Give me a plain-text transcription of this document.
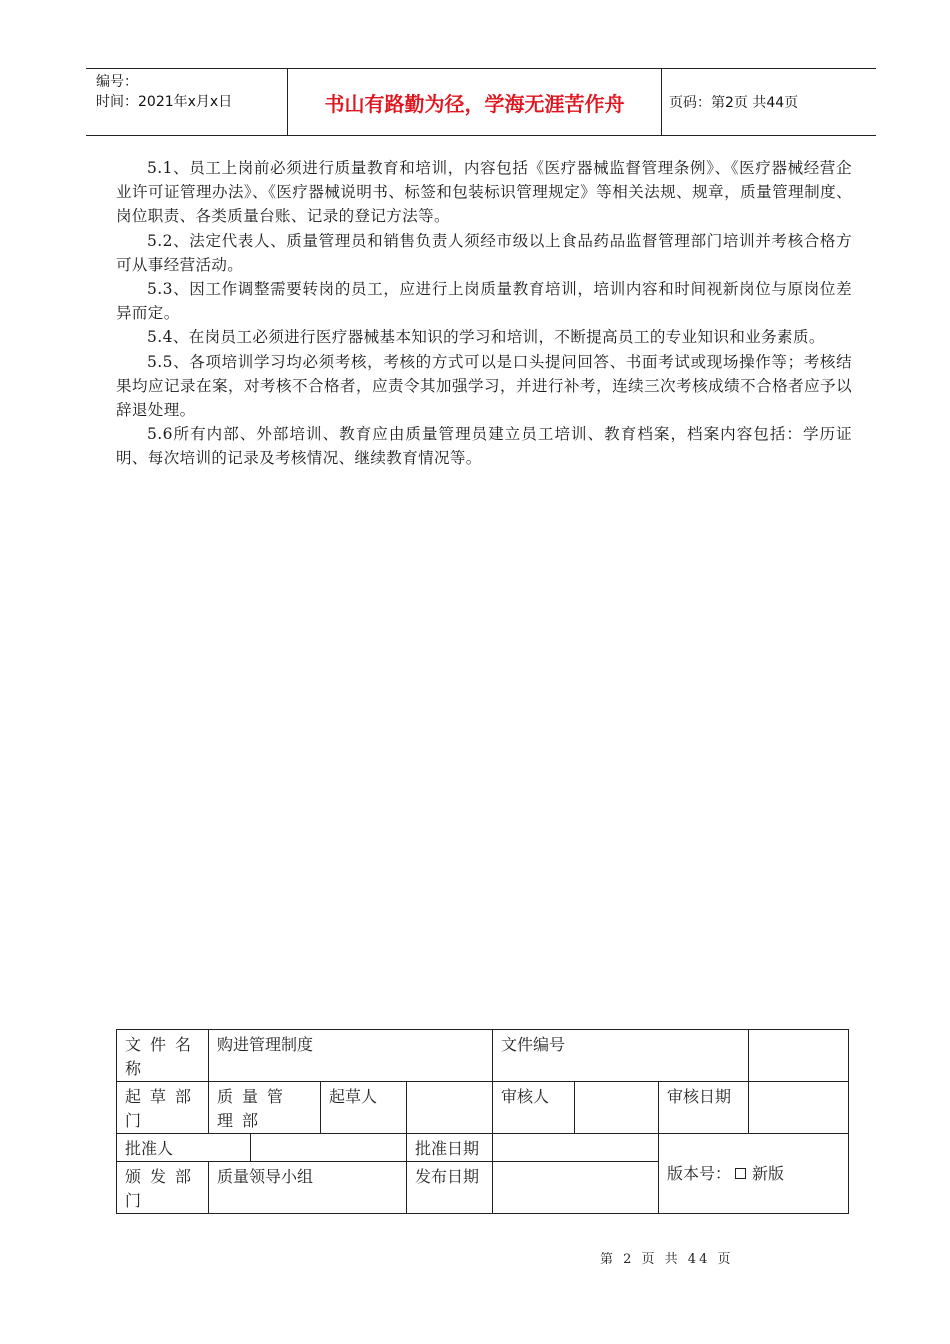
编号：
时间：2021年x月x日	书山有路勤为径，学海无涯苦作舟	页码：第2页 共44页

5.1、员工上岗前必须进行质量教育和培训，内容包括《医疗器械监督管理条例》、《医疗器械经营企业许可证管理办法》、《医疗器械说明书、标签和包装标识管理规定》等相关法规、规章，质量管理制度、岗位职责、各类质量台账、记录的登记方法等。

5.2、法定代表人、质量管理员和销售负责人须经市级以上食品药品监督管理部门培训并考核合格方可从事经营活动。

5.3、因工作调整需要转岗的员工，应进行上岗质量教育培训，培训内容和时间视新岗位与原岗位差异而定。

5.4、在岗员工必须进行医疗器械基本知识的学习和培训，不断提高员工的专业知识和业务素质。

5.5、各项培训学习均必须考核，考核的方式可以是口头提问回答、书面考试或现场操作等；考核结果均应记录在案，对考核不合格者，应责令其加强学习，并进行补考，连续三次考核成绩不合格者应予以辞退处理。

5.6所有内部、外部培训、教育应由质量管理员建立员工培训、教育档案，档案内容包括：学历证明、每次培训的记录及考核情况、继续教育情况等。

文件名称	购进管理制度				文件编号			
起草部门	质量管理部		起草人		审核人		审核日期	
批准人				批准日期			版本号： 新版	
颁发部门	质量领导小组			发布日期				
第 2 页 共 44 页
